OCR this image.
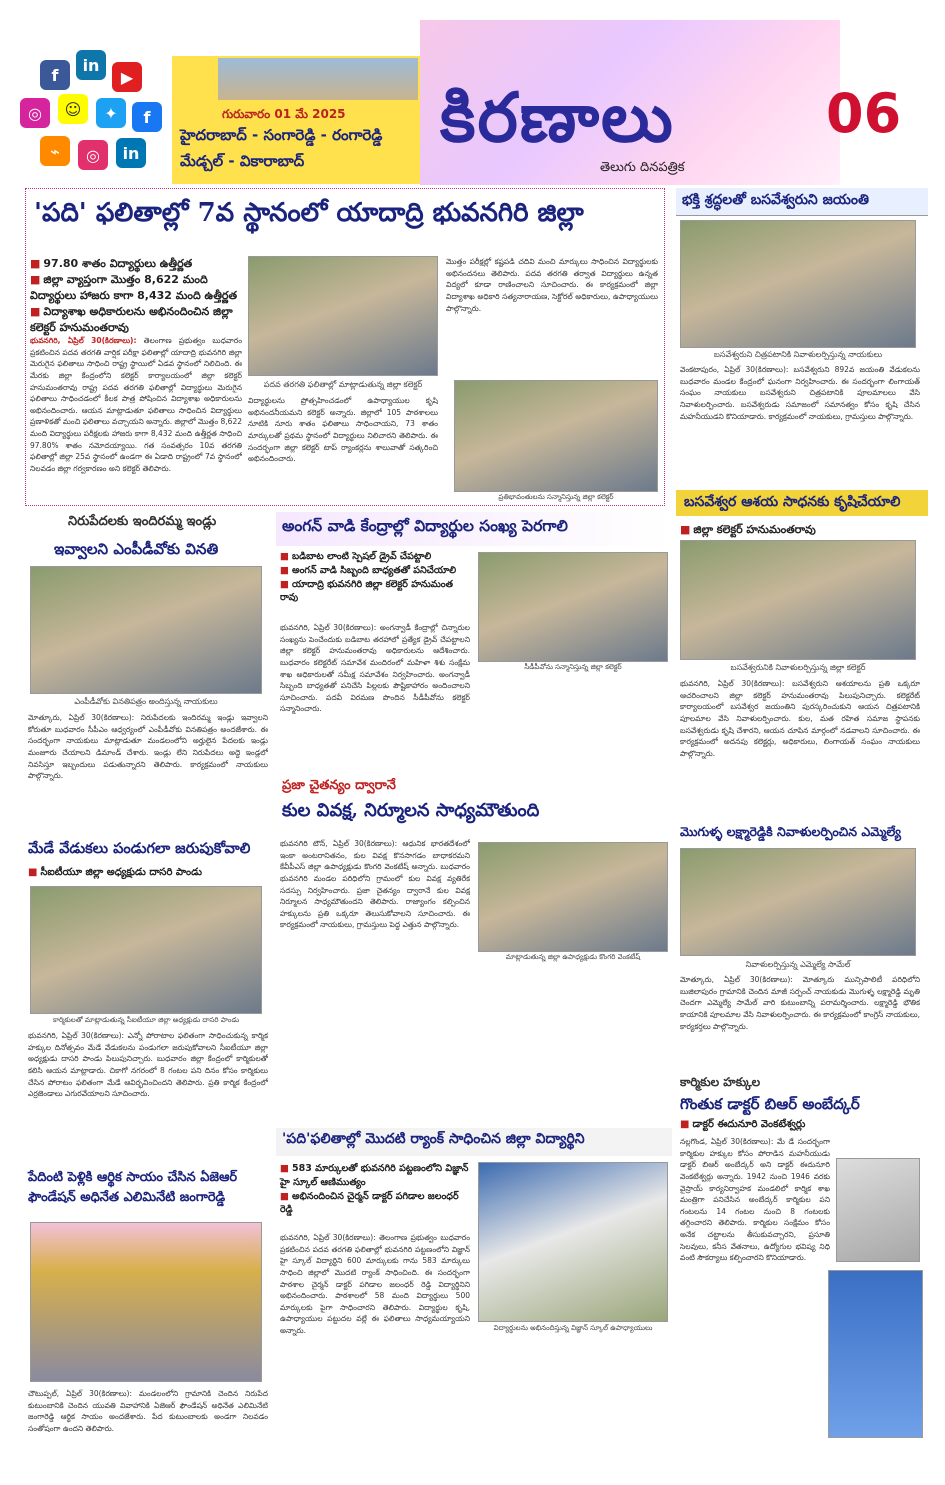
f
in
▶
◎	☺	✦	f
⌁	◎	in
గురువారం 01 మే 2025
హైదరాబాద్ - సంగారెడ్డి - రంగారెడ్డి
మేడ్చల్ - వికారాబాద్
కిరణాలు	06
తెలుగు దినపత్రిక
'పది' ఫలితాల్లో 7వ స్థానంలో యాదాద్రి భువనగిరి జిల్లా
■ 97.80 శాతం విద్యార్థులు ఉత్తీర్ణత
■ జిల్లా వ్యాప్తంగా మొత్తం 8,622 మంది విద్యార్థులు హాజరు కాగా 8,432 మంది ఉత్తీర్ణత
■ విద్యాశాఖ అధికారులను అభినందించిన జిల్లా కలెక్టర్ హనుమంతరావు
భువనగిరి, ఏప్రిల్ 30(కిరణాలు): తెలంగాణ ప్రభుత్వం బుధవారం ప్రకటించిన పదవ తరగతి వార్షిక పరీక్షా ఫలితాల్లో యాదాద్రి భువనగిరి జిల్లా మెరుగైన ఫలితాలు సాధించి రాష్ట్ర స్థాయిలో ఏడవ స్థానంలో నిలిచింది. ఈ మేరకు జిల్లా కేంద్రంలోని కలెక్టర్ కార్యాలయంలో జిల్లా కలెక్టర్ హనుమంతరావు రాష్ట్ర పదవ తరగతి ఫలితాల్లో విద్యార్థులు మెరుగైన ఫలితాలు సాధించడంలో కీలక పాత్ర పోషించిన విద్యాశాఖ అధికారులను అభినందించారు. ఆయన మాట్లాడుతూ ఫలితాలు సాధించిన విద్యార్థులు ప్రణాళికతో మంచి ఫలితాలు వచ్చాయని అన్నారు. జిల్లాలో మొత్తం 8,622 మంది విద్యార్థులు పరీక్షలకు హాజరు కాగా 8,432 మంది ఉత్తీర్ణత సాధించి 97.80% శాతం నమోదయ్యాయి. గత సంవత్సరం 10వ తరగతి ఫలితాల్లో జిల్లా 25వ స్థానంలో ఉండగా ఈ ఏడాది రాష్ట్రంలో 7వ స్థానంలో నిలవడం జిల్లా గర్వకారణం అని కలెక్టర్ తెలిపారు.
పదవ తరగతి ఫలితాల్లో మాట్లాడుతున్న జిల్లా కలెక్టర్
విద్యార్థులను ప్రోత్సహించడంలో ఉపాధ్యాయుల కృషి అభినందనీయమని కలెక్టర్ అన్నారు. జిల్లాలో 105 పాఠశాలలు నూటికి నూరు శాతం ఫలితాలు సాధించాయని, 73 శాతం మార్కులతో ప్రథమ స్థానంలో విద్యార్థులు నిలిచారని తెలిపారు. ఈ సందర్భంగా జిల్లా కలెక్టర్ టాప్ ర్యాంకర్లను శాలువాతో సత్కరించి అభినందించారు.
మొత్తం పరీక్షల్లో కష్టపడి చదివి మంచి మార్కులు సాధించిన విద్యార్థులకు అభినందనలు తెలిపారు. పదవ తరగతి తర్వాత విద్యార్థులు ఉన్నత విద్యలో కూడా రాణించాలని సూచించారు. ఈ కార్యక్రమంలో జిల్లా విద్యాశాఖ అధికారి సత్యనారాయణ, సెక్టోరల్ అధికారులు, ఉపాధ్యాయులు పాల్గొన్నారు.
ప్రతిభావంతులను సన్మానిస్తున్న జిల్లా కలెక్టర్
భక్తి శ్రద్ధలతో బసవేశ్వరుని జయంతి
బసవేశ్వరుని చిత్రపటానికి నివాళులర్పిస్తున్న నాయకులు
వెంకటాపురం, ఏప్రిల్ 30(కిరణాలు): బసవేశ్వరుని 892వ జయంతి వేడుకలను బుధవారం మండల కేంద్రంలో ఘనంగా నిర్వహించారు. ఈ సందర్భంగా లింగాయత్ సంఘం నాయకులు బసవేశ్వరుని చిత్రపటానికి పూలమాలలు వేసి నివాళులర్పించారు. బసవేశ్వరుడు సమాజంలో సమానత్వం కోసం కృషి చేసిన మహనీయుడని కొనియాడారు. కార్యక్రమంలో నాయకులు, గ్రామస్తులు పాల్గొన్నారు.
బసవేశ్వర ఆశయ సాధనకు కృషిచేయాలి
■ జిల్లా కలెక్టర్ హనుమంతరావు
బసవేశ్వరునికి నివాళులర్పిస్తున్న జిల్లా కలెక్టర్
భువనగిరి, ఏప్రిల్ 30(కిరణాలు): బసవేశ్వరుని ఆశయాలను ప్రతి ఒక్కరూ ఆచరించాలని జిల్లా కలెక్టర్ హనుమంతరావు పిలుపునిచ్చారు. కలెక్టరేట్ కార్యాలయంలో బసవేశ్వర జయంతిని పురస్కరించుకుని ఆయన చిత్రపటానికి పూలమాల వేసి నివాళులర్పించారు. కుల, మత రహిత సమాజ స్థాపనకు బసవేశ్వరుడు కృషి చేశారని, ఆయన చూపిన మార్గంలో నడవాలని సూచించారు. ఈ కార్యక్రమంలో అదనపు కలెక్టర్లు, అధికారులు, లింగాయత్ సంఘం నాయకులు పాల్గొన్నారు.
మొగుళ్ళ లక్ష్మారెడ్డికి నివాళులర్పించిన ఎమ్మెల్యే
నివాళులర్పిస్తున్న ఎమ్మెల్యే సామేల్
మోత్కూరు, ఏప్రిల్ 30(కిరణాలు): మోత్కూరు మున్సిపాలిటీ పరిధిలోని బుజిలాపురం గ్రామానికి చెందిన మాజీ సర్పంచ్ నాయకుడు మొగుళ్ళ లక్ష్మారెడ్డి మృతి చెందగా ఎమ్మెల్యే సామేల్ వారి కుటుంబాన్ని పరామర్శించారు. లక్ష్మారెడ్డి భౌతిక కాయానికి పూలమాల వేసి నివాళులర్పించారు. ఈ కార్యక్రమంలో కాంగ్రెస్ నాయకులు, కార్యకర్తలు పాల్గొన్నారు.
కార్మికుల హక్కుల
గొంతుక డాక్టర్ బిఆర్ అంబేద్కర్
■ డాక్టర్ ఈదునూరి వెంకటేశ్వర్లు
నల్లగొండ, ఏప్రిల్ 30(కిరణాలు): మే డే సందర్భంగా కార్మికుల హక్కుల కోసం పోరాడిన మహనీయుడు డాక్టర్ బిఆర్ అంబేద్కర్ అని డాక్టర్ ఈదునూరి వెంకటేశ్వర్లు అన్నారు. 1942 నుంచి 1946 వరకు వైస్రాయ్ కార్యనిర్వాహక మండలిలో కార్మిక శాఖ మంత్రిగా పనిచేసిన అంబేద్కర్ కార్మికుల పని గంటలను 14 గంటల నుంచి 8 గంటలకు తగ్గించారని తెలిపారు. కార్మికుల సంక్షేమం కోసం అనేక చట్టాలను తీసుకువచ్చారని, ప్రసూతి సెలవులు, కనీస వేతనాలు, ఉద్యోగుల భవిష్య నిధి వంటి సౌకర్యాలు కల్పించారని కొనియాడారు.
నిరుపేదలకు ఇందిరమ్మ ఇండ్లు
ఇవ్వాలని ఎంపీడీవోకు వినతి
ఎంపీడీవోకు వినతిపత్రం అందిస్తున్న నాయకులు
మోత్కూరు, ఏప్రిల్ 30(కిరణాలు): నిరుపేదలకు ఇందిరమ్మ ఇండ్లు ఇవ్వాలని కోరుతూ బుధవారం సీపీఎం ఆధ్వర్యంలో ఎంపీడీవోకు వినతిపత్రం అందజేశారు. ఈ సందర్భంగా నాయకులు మాట్లాడుతూ మండలంలోని అర్హులైన పేదలకు ఇండ్లు మంజూరు చేయాలని డిమాండ్ చేశారు. ఇండ్లు లేని నిరుపేదలు అద్దె ఇండ్లలో నివసిస్తూ ఇబ్బందులు పడుతున్నారని తెలిపారు. కార్యక్రమంలో నాయకులు పాల్గొన్నారు.
మేడే వేడుకలు పండుగలా జరుపుకోవాలి
■ సీఐటీయూ జిల్లా అధ్యక్షుడు దాసరి పాండు
కార్మికులతో మాట్లాడుతున్న సీఐటీయూ జిల్లా అధ్యక్షుడు దాసరి పాండు
భువనగిరి, ఏప్రిల్ 30(కిరణాలు): ఎన్నో పోరాటాల ఫలితంగా సాధించుకున్న కార్మిక హక్కుల దినోత్సవం మేడే వేడుకలను పండుగలా జరుపుకోవాలని సీఐటీయూ జిల్లా అధ్యక్షుడు దాసరి పాండు పిలుపునిచ్చారు. బుధవారం జిల్లా కేంద్రంలో కార్మికులతో కలిసి ఆయన మాట్లాడారు. చికాగో నగరంలో 8 గంటల పని దినం కోసం కార్మికులు చేసిన పోరాటం ఫలితంగా మేడే ఆవిర్భవించిందని తెలిపారు. ప్రతి కార్మిక కేంద్రంలో ఎర్రజెండాలు ఎగురవేయాలని సూచించారు.
పేదింటి పెళ్లికి ఆర్థిక సాయం చేసిన ఏజెఆర్ ఫౌండేషన్ అధినేత ఎలిమినేటి జంగారెడ్డి
చౌటుప్పల్, ఏప్రిల్ 30(కిరణాలు): మండలంలోని గ్రామానికి చెందిన నిరుపేద కుటుంబానికి చెందిన యువతి వివాహానికి ఏజెఆర్ ఫౌండేషన్ అధినేత ఎలిమినేటి జంగారెడ్డి ఆర్థిక సాయం అందజేశారు. పేద కుటుంబాలకు అండగా నిలవడం సంతోషంగా ఉందని తెలిపారు.
అంగన్ వాడి కేంద్రాల్లో విద్యార్థుల సంఖ్య పెరగాలి
■ బడిబాట లాంటి స్పెషల్ డ్రైవ్ చేపట్టాలి
■ అంగన్ వాడి సిబ్బంది బాధ్యతతో పనిచేయాలి
■ యాదాద్రి భువనగిరి జిల్లా కలెక్టర్ హనుమంత రావు
భువనగిరి, ఏప్రిల్ 30(కిరణాలు): అంగన్వాడీ కేంద్రాల్లో చిన్నారుల సంఖ్యను పెంచేందుకు బడిబాట తరహాలో ప్రత్యేక డ్రైవ్ చేపట్టాలని జిల్లా కలెక్టర్ హనుమంతరావు అధికారులను ఆదేశించారు. బుధవారం కలెక్టరేట్ సమావేశ మందిరంలో మహిళా శిశు సంక్షేమ శాఖ అధికారులతో సమీక్ష సమావేశం నిర్వహించారు. అంగన్వాడీ సిబ్బంది బాధ్యతతో పనిచేసి పిల్లలకు పౌష్టికాహారం అందించాలని సూచించారు. పదవీ విరమణ పొందిన సీడీపీవోను కలెక్టర్ సన్మానించారు.
సీడీపీవోను సన్మానిస్తున్న జిల్లా కలెక్టర్
ప్రజా చైతన్యం ద్వారానే
కుల వివక్ష, నిర్మూలన సాధ్యమౌతుంది
భువనగిరి టౌన్, ఏప్రిల్ 30(కిరణాలు): ఆధునిక భారతదేశంలో ఇంకా అంటరానితనం, కుల వివక్ష కొనసాగడం బాధాకరమని కేవీపీఎస్ జిల్లా ఉపాధ్యక్షుడు కొంగరి వెంకటేష్ అన్నారు. బుధవారం భువనగిరి మండల పరిధిలోని గ్రామంలో కుల వివక్ష వ్యతిరేక సదస్సు నిర్వహించారు. ప్రజా చైతన్యం ద్వారానే కుల వివక్ష నిర్మూలన సాధ్యమౌతుందని తెలిపారు. రాజ్యాంగం కల్పించిన హక్కులను ప్రతి ఒక్కరూ తెలుసుకోవాలని సూచించారు. ఈ కార్యక్రమంలో నాయకులు, గ్రామస్తులు పెద్ద ఎత్తున పాల్గొన్నారు.
మాట్లాడుతున్న జిల్లా ఉపాధ్యక్షుడు కొంగరి వెంకటేష్
'పది'ఫలితాల్లో మొదటి ర్యాంక్ సాధించిన జిల్లా విద్యార్థిని
■ 583 మార్కులతో భువనగిరి పట్టణంలోని విజ్ఞాన్ హై స్కూల్ ఆణిముత్యం
■ అభినందించిన చైర్మన్ డాక్టర్ పగిడాల జలంధర్ రెడ్డి
భువనగిరి, ఏప్రిల్ 30(కిరణాలు): తెలంగాణ ప్రభుత్వం బుధవారం ప్రకటించిన పదవ తరగతి ఫలితాల్లో భువనగిరి పట్టణంలోని విజ్ఞాన్ హై స్కూల్ విద్యార్థిని 600 మార్కులకు గాను 583 మార్కులు సాధించి జిల్లాలో మొదటి ర్యాంక్ సాధించింది. ఈ సందర్భంగా పాఠశాల చైర్మన్ డాక్టర్ పగిడాల జలంధర్ రెడ్డి విద్యార్థినిని అభినందించారు. పాఠశాలలో 58 మంది విద్యార్థులు 500 మార్కులకు పైగా సాధించారని తెలిపారు. విద్యార్థుల కృషి, ఉపాధ్యాయుల పట్టుదల వల్లే ఈ ఫలితాలు సాధ్యమయ్యాయని అన్నారు.	విద్యార్థులను అభినందిస్తున్న విజ్ఞాన్ స్కూల్ ఉపాధ్యాయులు
